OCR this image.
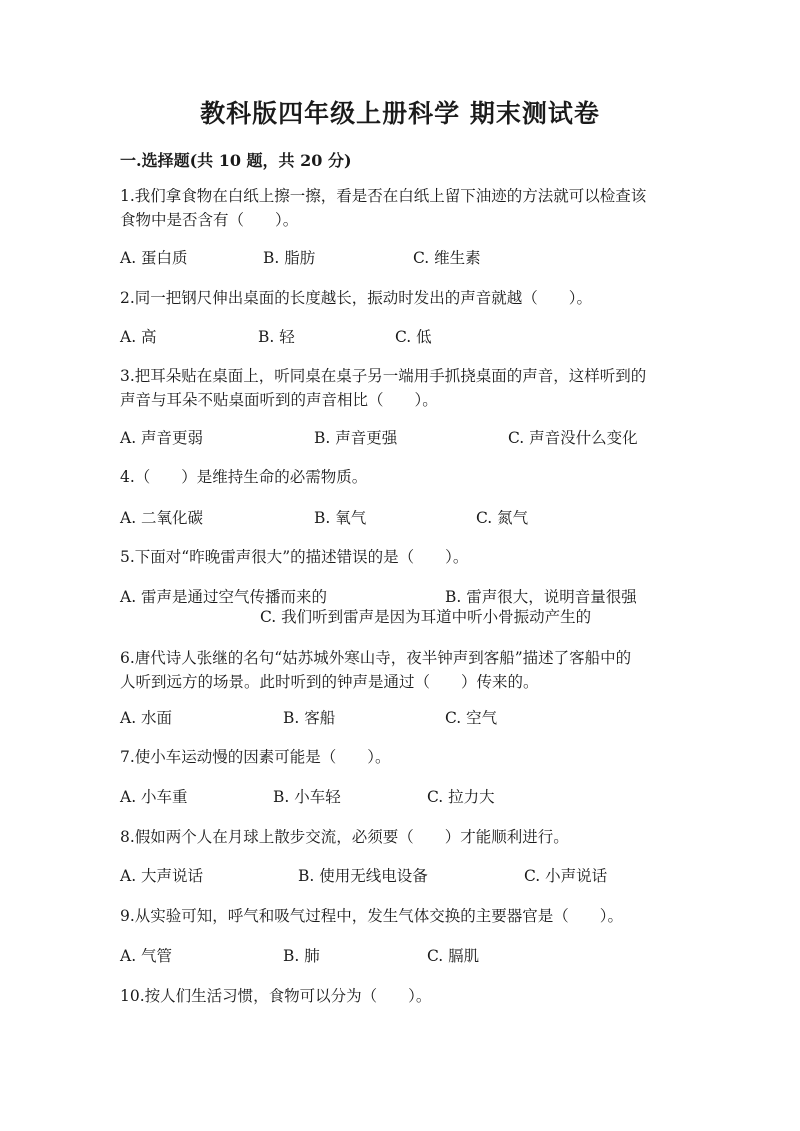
教科版四年级上册科学 期末测试卷
一.选择题(共 10 题，共 20 分)
1.我们拿食物在白纸上擦一擦，看是否在白纸上留下油迹的方法就可以检查该
食物中是否含有（　　）。
A. 蛋白质	B. 脂肪	C. 维生素
2.同一把钢尺伸出桌面的长度越长，振动时发出的声音就越（　　）。
A. 高	B. 轻	C. 低
3.把耳朵贴在桌面上，听同桌在桌子另一端用手抓挠桌面的声音，这样听到的
声音与耳朵不贴桌面听到的声音相比（　　）。
A. 声音更弱	B. 声音更强	C. 声音没什么变化
4.（　　）是维持生命的必需物质。
A. 二氧化碳	B. 氧气	C. 氮气
5.下面对“昨晚雷声很大”的描述错误的是（　　）。
A. 雷声是通过空气传播而来的	B. 雷声很大，说明音量很强
C. 我们听到雷声是因为耳道中听小骨振动产生的
6.唐代诗人张继的名句“姑苏城外寒山寺，夜半钟声到客船”描述了客船中的
人听到远方的场景。此时听到的钟声是通过（　　）传来的。
A. 水面	B. 客船	C. 空气
7.使小车运动慢的因素可能是（　　）。
A. 小车重	B. 小车轻	C. 拉力大
8.假如两个人在月球上散步交流，必须要（　　）才能顺利进行。
A. 大声说话	B. 使用无线电设备	C. 小声说话
9.从实验可知，呼气和吸气过程中，发生气体交换的主要器官是（　　）。
A. 气管	B. 肺	C. 膈肌
10.按人们生活习惯，食物可以分为（　　）。
